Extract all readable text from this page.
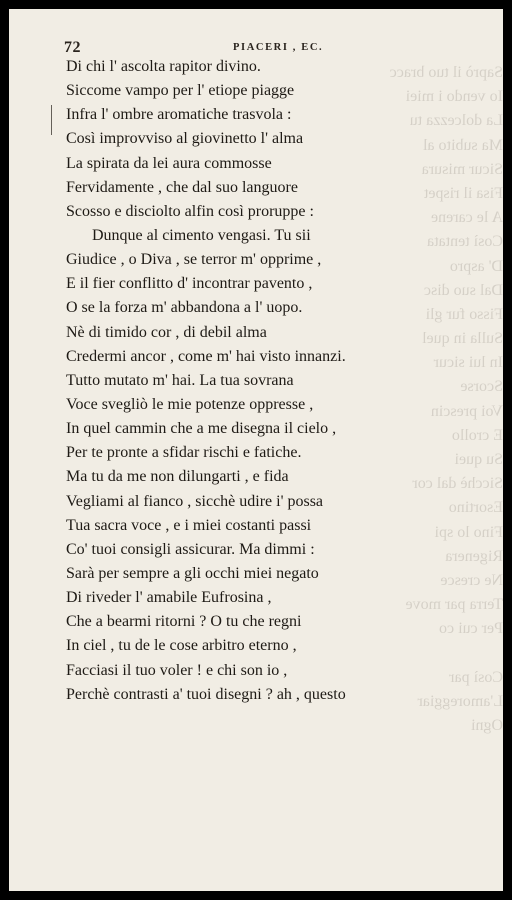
Saprò il tuo bracc
Io vendo i miei
La dolcezza tu
Ma subito al
Sicur misura
Fisa il rispet
A le carene
Così tentata
D' aspro
Dal suo disc
Fisso fur gli
Sulla in quel
In lui sicur
Scorse
Voi prescin
E crollo
Su quei
Sicchè dal cor
Esortino
Fino lo spi
Rigenera
Ne cresce
Terra par move
Per cui co
Così par
L'amoreggiar
Ogni
72	PIACERI , EC.
Di chi l' ascolta rapitor divino.
Siccome vampo per l' etiope piagge
Infra l' ombre aromatiche trasvola :
Così improvviso al giovinetto l' alma
La spirata da lei aura commosse
Fervidamente , che dal suo languore
Scosso e disciolto alfin così proruppe :
Dunque al cimento vengasi. Tu sii
Giudice , o Diva , se terror m' opprime ,
E il fier conflitto d' incontrar pavento ,
O se la forza m' abbandona a l' uopo.
Nè di timido cor , di debil alma
Credermi ancor , come m' hai visto innanzi.
Tutto mutato m' hai. La tua sovrana
Voce svegliò le mie potenze oppresse ,
In quel cammin che a me disegna il cielo ,
Per te pronte a sfidar rischi e fatiche.
Ma tu da me non dilungarti , e fida
Vegliami al fianco , sicchè udire i' possa
Tua sacra voce , e i miei costanti passi
Co' tuoi consigli assicurar. Ma dimmi :
Sarà per sempre a gli occhi miei negato
Di riveder l' amabile Eufrosina ,
Che a bearmi ritorni ? O tu che regni
In ciel , tu de le cose arbitro eterno ,
Facciasi il tuo voler ! e chi son io ,
Perchè contrasti a' tuoi disegni ? ah , questo
